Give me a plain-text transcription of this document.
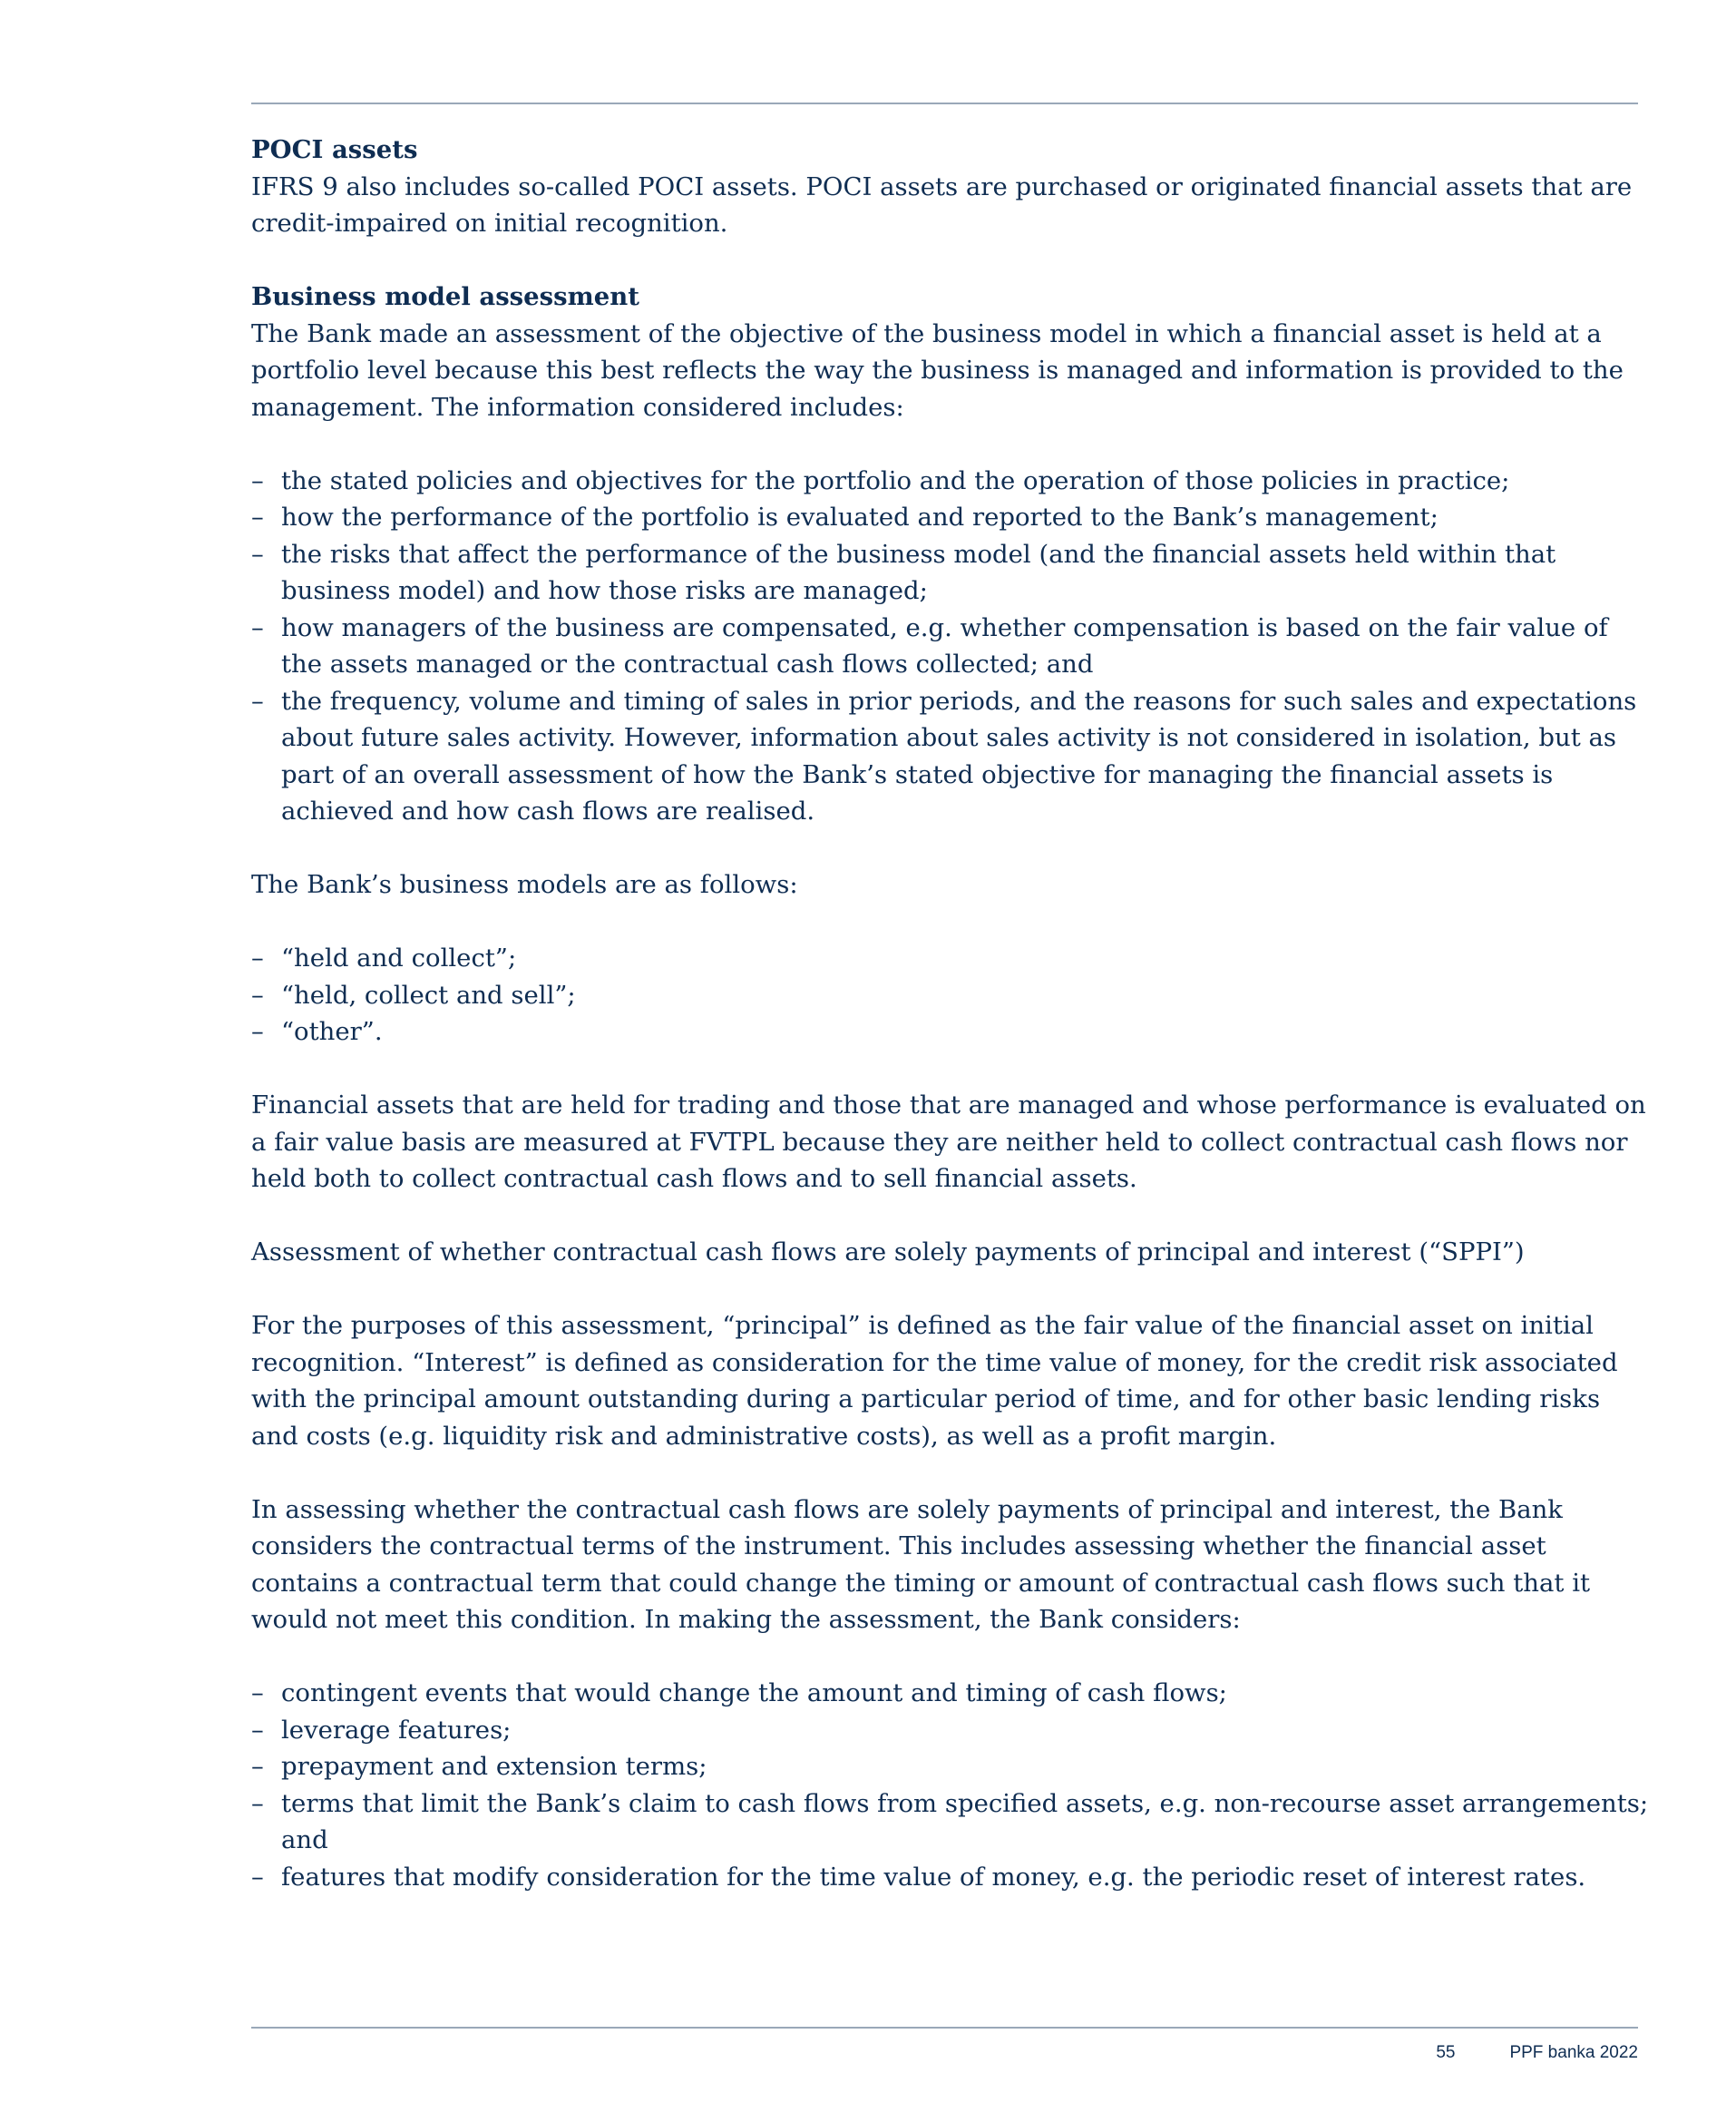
POCI assets

IFRS 9 also includes so-called POCI assets. POCI assets are purchased or originated financial assets that are credit-impaired on initial recognition.

Business model assessment

The Bank made an assessment of the objective of the business model in which a financial asset is held at a portfolio level because this best reflects the way the business is managed and information is provided to the management. The information considered includes:

– the stated policies and objectives for the portfolio and the operation of those policies in practice;
– how the performance of the portfolio is evaluated and reported to the Bank’s management;
– the risks that affect the performance of the business model (and the financial assets held within that business model) and how those risks are managed;
– how managers of the business are compensated, e.g. whether compensation is based on the fair value of the assets managed or the contractual cash flows collected; and
– the frequency, volume and timing of sales in prior periods, and the reasons for such sales and expectations about future sales activity. However, information about sales activity is not considered in isolation, but as part of an overall assessment of how the Bank’s stated objective for managing the financial assets is achieved and how cash flows are realised.

The Bank’s business models are as follows:

– “held and collect”;
– “held, collect and sell”;
– “other”.

Financial assets that are held for trading and those that are managed and whose performance is evaluated on a fair value basis are measured at FVTPL because they are neither held to collect contractual cash flows nor held both to collect contractual cash flows and to sell financial assets.

Assessment of whether contractual cash flows are solely payments of principal and interest (“SPPI”)

For the purposes of this assessment, “principal” is defined as the fair value of the financial asset on initial recognition. “Interest” is defined as consideration for the time value of money, for the credit risk associated with the principal amount outstanding during a particular period of time, and for other basic lending risks and costs (e.g. liquidity risk and administrative costs), as well as a profit margin.

In assessing whether the contractual cash flows are solely payments of principal and interest, the Bank considers the contractual terms of the instrument. This includes assessing whether the financial asset contains a contractual term that could change the timing or amount of contractual cash flows such that it would not meet this condition. In making the assessment, the Bank considers:

– contingent events that would change the amount and timing of cash flows;
– leverage features;
– prepayment and extension terms;
– terms that limit the Bank’s claim to cash flows from specified assets, e.g. non-recourse asset arrangements; and
– features that modify consideration for the time value of money, e.g. the periodic reset of interest rates.
55	PPF banka 2022
